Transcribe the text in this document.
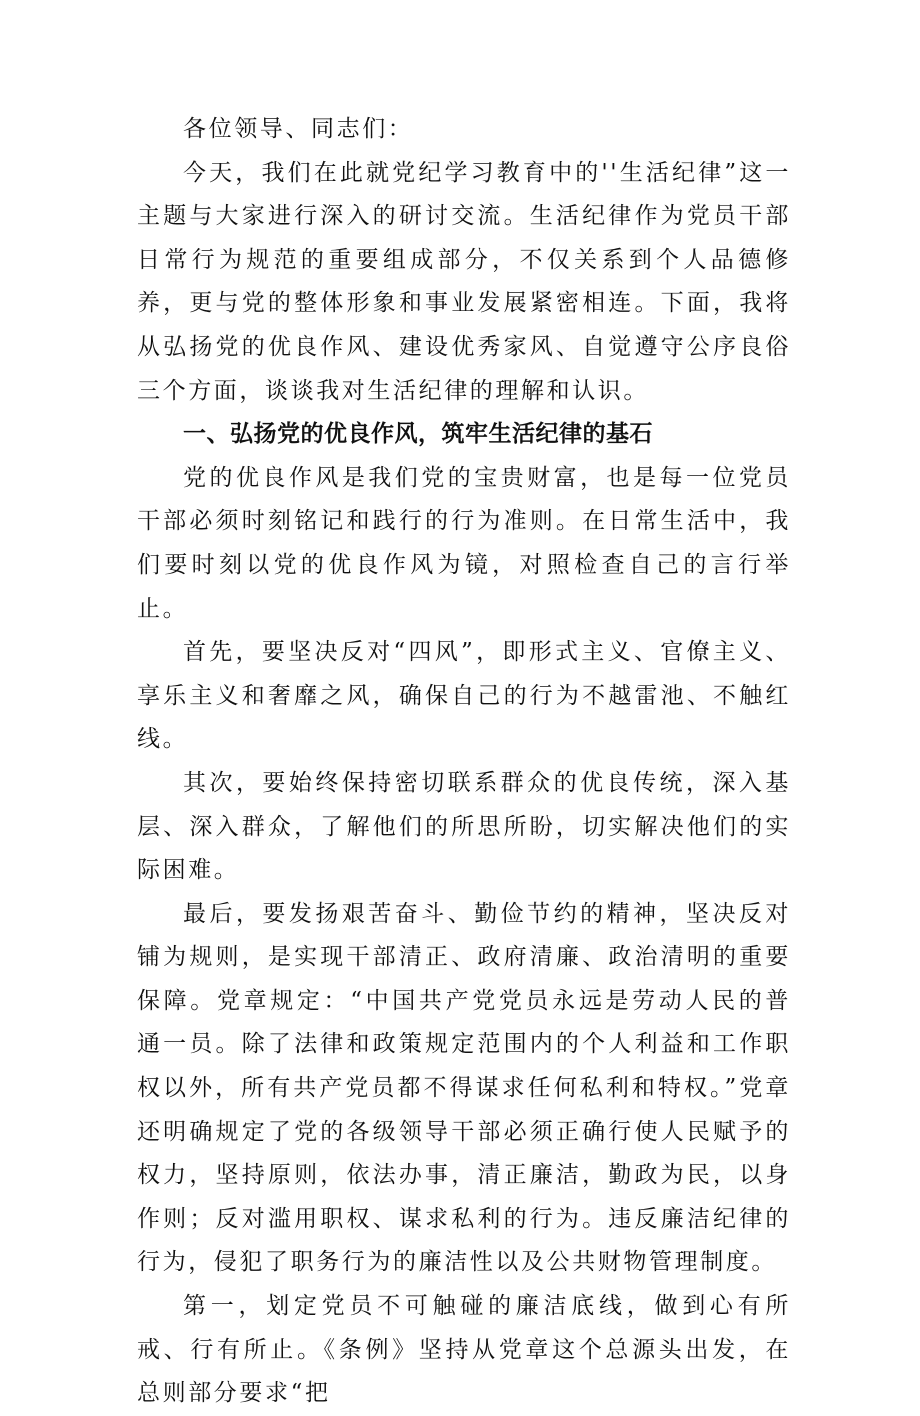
各位领导、同志们：

今天，我们在此就党纪学习教育中的''生活纪律”这一主题与大家进行深入的研讨交流。生活纪律作为党员干部日常行为规范的重要组成部分，不仅关系到个人品德修养，更与党的整体形象和事业发展紧密相连。下面，我将从弘扬党的优良作风、建设优秀家风、自觉遵守公序良俗三个方面，谈谈我对生活纪律的理解和认识。

一、弘扬党的优良作风，筑牢生活纪律的基石

党的优良作风是我们党的宝贵财富，也是每一位党员干部必须时刻铭记和践行的行为准则。在日常生活中，我们要时刻以党的优良作风为镜，对照检查自己的言行举止。

首先，要坚决反对“四风”，即形式主义、官僚主义、享乐主义和奢靡之风，确保自己的行为不越雷池、不触红线。

其次，要始终保持密切联系群众的优良传统，深入基层、深入群众，了解他们的所思所盼，切实解决他们的实际困难。

最后，要发扬艰苦奋斗、勤俭节约的精神，坚决反对铺为规则，是实现干部清正、政府清廉、政治清明的重要保障。党章规定：“中国共产党党员永远是劳动人民的普通一员。除了法律和政策规定范围内的个人利益和工作职权以外，所有共产党员都不得谋求任何私利和特权。”党章还明确规定了党的各级领导干部必须正确行使人民赋予的权力，坚持原则，依法办事，清正廉洁，勤政为民，以身作则；反对滥用职权、谋求私利的行为。违反廉洁纪律的行为，侵犯了职务行为的廉洁性以及公共财物管理制度。

第一，划定党员不可触碰的廉洁底线，做到心有所戒、行有所止。《条例》坚持从党章这个总源头出发，在总则部分要求“把
